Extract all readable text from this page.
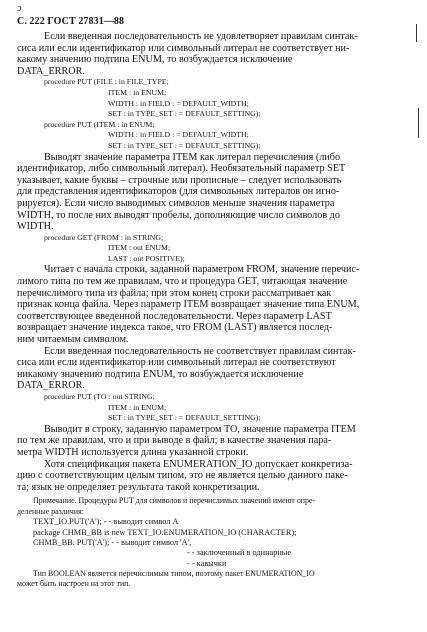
ↄ
С. 222 ГОСТ 27831—88
Если введенная последовательность не удовлетворяет правилам синтак-
сиса или если идентификатор или символьный литерал не соответствует ни-
какому значению подтипа ENUM, то возбуждается исключение
DATA_ERROR.
procedure PUT (FILE : in FILE_TYPE;
ITEM : in ENUM;
WIDTH : in FIELD : = DEFAULT_WIDTH;
SET : in TYPE_SET : = DEFAULT_SETTING);
procedure PUT (ITEM : in ENUM;
WIDTH : in FIELD : = DEFAULT_WIDTH;
SET : in TYPE_SET : = DEFAULT_SETTING);
Выводят значение параметра ITEM как литерал перечисления (либо
идентификатор, либо символьный литерал). Необязательный параметр SET
указывает, какие буквы – строчные или прописные – следует использовать
для представления идентификаторов (для символьных литералов он игно-
рируется). Если число выводимых символов меньше значения параметра
WIDTH, то после них выводят пробелы, дополняющие число символов до
WIDTH.
procedure GET (FROM : in STRING;
ITEM : out ENUM;
LAST : out POSITIVE);
Читает с начала строки, заданной параметром FROM, значение перечис-
лимого типа по тем же правилам, что и процедура GET, читающая значение
перечислимого типа из файла; при этом конец строки рассматривает как
признак конца файла. Через параметр ITEM возвращает значение типа ENUM,
соответствующее введенной последовательности. Через параметр LAST
возвращает значение индекса такое, что FROM (LAST) является послед-
ним читаемым символом.
Если введенная последовательность не соответствует правилам синтак-
сиса или если идентификатор или символьный литерал не соответствуют
никакому значению подтипа ENUM, то возбуждается исключение
DATA_ERROR.
procedure PUT (TO : out STRING;
ITEM : in ENUM;
SET : in TYPE_SET : = DEFAULT_SETTING);
Выводит в строку, заданную параметром TO, значение параметра ITEM
по тем же правилам, что и при выводе в файл; в качестве значения пара-
метра WIDTH используется длина указанной строки.
Хотя спецификация пакета ENUMERATION_IO допускает конкретиза-
цию с соответствующим целым типом, это не является целью данного паке-
та; язык не определяет результата такой конкретизации.
Примечание. Процедуры PUT для символов и перечислимых значений имеют опре-
деленные различия:
TEXT_IO.PUT('A'); - - выводит символ A
package CHMB_BB is new TEXT_IO.ENUMERATION_IO (CHARACTER);
CHMB_BB. PUT('A'); - - выводит символ 'A',
- - заключенный в одинарные
- - кавычки
Тип BOOLEAN является перечислимым типом, поэтому пакет ENUMERATION_IO
может быть настроен на этот тип.
